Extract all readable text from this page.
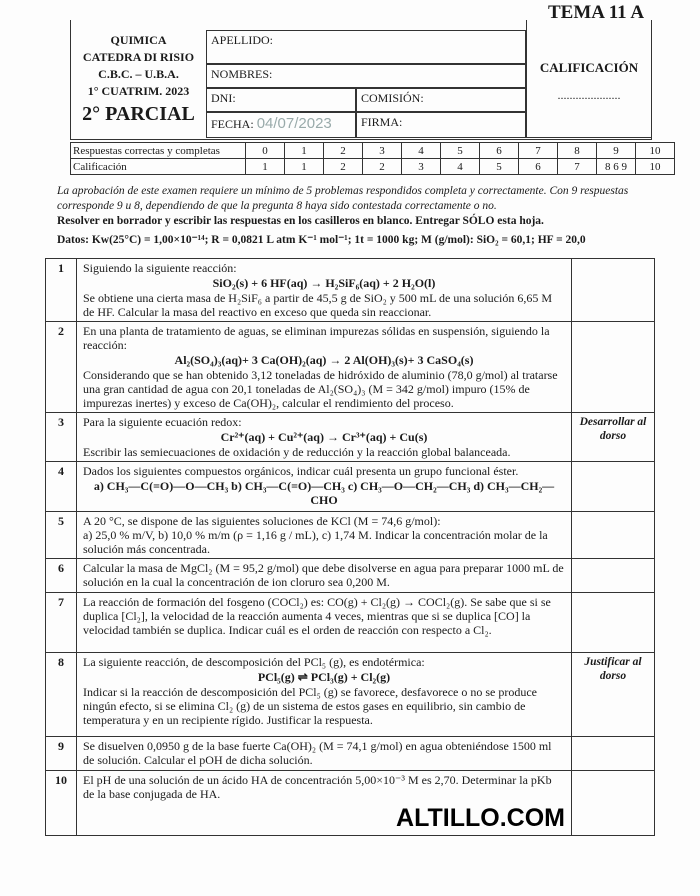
TEMA 11 A
QUIMICA
CATEDRA DI RISIO
C.B.C. – U.B.A.
1° CUATRIM. 2023
2° PARCIAL
APELLIDO:
NOMBRES:
DNI:	COMISIÓN:
FECHA: 04/07/2023	FIRMA:
CALIFICACIÓN
.....................
Respuestas correctas y completas	0	1	2	3	4	5	6	7	8	9	10
Calificación	1	1	2	2	3	4	5	6	7	8 6 9	10
La aprobación de este examen requiere un mínimo de 5 problemas respondidos completa y correctamente. Con 9 respuestas corresponde 9 u 8, dependiendo de que la pregunta 8 haya sido contestada correctamente o no.
Resolver en borrador y escribir las respuestas en los casilleros en blanco. Entregar SÓLO esta hoja.
Datos: Kw(25°C) = 1,00×10⁻¹⁴; R = 0,0821 L atm K⁻¹ mol⁻¹; 1t = 1000 kg; M (g/mol): SiO₂ = 60,1; HF = 20,0
1	Siguiendo la siguiente reacción:
SiO₂(s) + 6 HF(aq) → H₂SiF₆(aq) + 2 H₂O(l)
Se obtiene una cierta masa de H₂SiF₆ a partir de 45,5 g de SiO₂ y 500 mL de una solución 6,65 M de HF. Calcular la masa del reactivo en exceso que queda sin reaccionar.	

2	En una planta de tratamiento de aguas, se eliminan impurezas sólidas en suspensión, siguiendo la reacción:
Al₂(SO₄)₃(aq)+ 3 Ca(OH)₂(aq) → 2 Al(OH)₃(s)+ 3 CaSO₄(s)
Considerando que se han obtenido 3,12 toneladas de hidróxido de aluminio (78,0 g/mol) al tratarse una gran cantidad de agua con 20,1 toneladas de Al₂(SO₄)₃ (M = 342 g/mol) impuro (15% de impurezas inertes) y exceso de Ca(OH)₂, calcular el rendimiento del proceso.	

3	Para la siguiente ecuación redox:
Cr²⁺(aq) + Cu²⁺(aq) → Cr³⁺(aq) + Cu(s)
Escribir las semiecuaciones de oxidación y de reducción y la reacción global balanceada.	Desarrollar al dorso
4	Dados los siguientes compuestos orgánicos, indicar cuál presenta un grupo funcional éster.
a) CH₃—C(=O)—O—CH₃ b) CH₃—C(=O)—CH₃ c) CH₃—O—CH₂—CH₃ d) CH₃—CH₂—CHO	

5	A 20 °C, se dispone de las siguientes soluciones de KCl (M = 74,6 g/mol):
a) 25,0 % m/V, b) 10,0 % m/m (ρ = 1,16 g / mL), c) 1,74 M. Indicar la concentración molar de la solución más concentrada.	

6	Calcular la masa de MgCl₂ (M = 95,2 g/mol) que debe disolverse en agua para preparar 1000 mL de solución en la cual la concentración de ion cloruro sea 0,200 M.	

7	La reacción de formación del fosgeno (COCl₂) es: CO(g) + Cl₂(g) → COCl₂(g). Se sabe que si se duplica [Cl₂], la velocidad de la reacción aumenta 4 veces, mientras que si se duplica [CO] la velocidad también se duplica. Indicar cuál es el orden de reacción con respecto a Cl₂.	

8	La siguiente reacción, de descomposición del PCl₅ (g), es endotérmica:
PCl₅(g) ⇌ PCl₃(g) + Cl₂(g)
Indicar si la reacción de descomposición del PCl₅ (g) se favorece, desfavorece o no se produce ningún efecto, si se elimina Cl₂ (g) de un sistema de estos gases en equilibrio, sin cambio de temperatura y en un recipiente rígido. Justificar la respuesta.	Justificar al dorso
9	Se disuelven 0,0950 g de la base fuerte Ca(OH)₂ (M = 74,1 g/mol) en agua obteniéndose 1500 ml de solución. Calcular el pOH de dicha solución.	

10	El pH de una solución de un ácido HA de concentración 5,00×10⁻³ M es 2,70. Determinar la pKb de la base conjugada de HA.
ALTILLO.COM	
